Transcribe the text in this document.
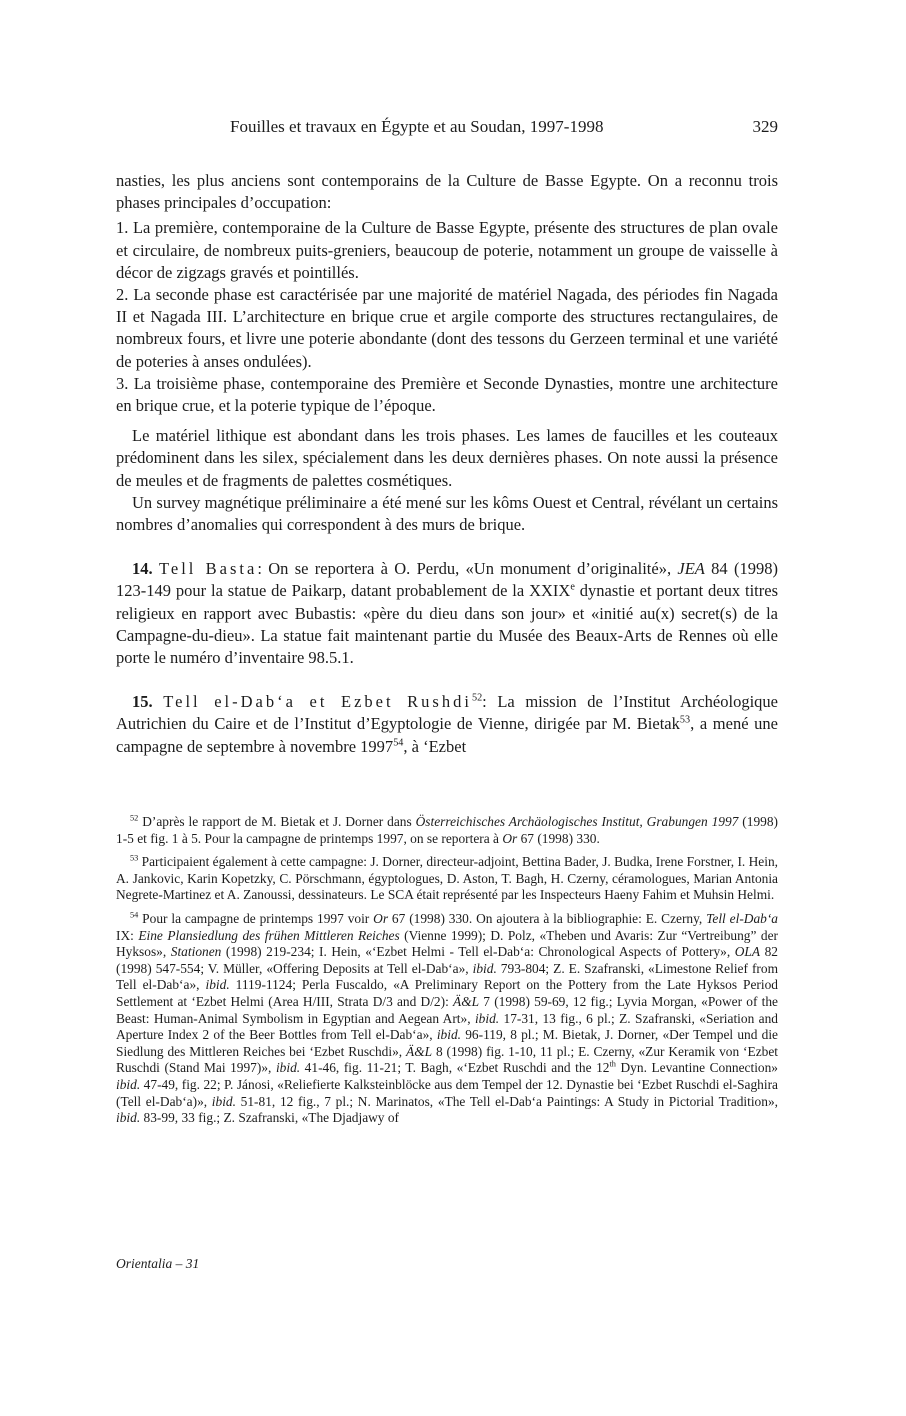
Fouilles et travaux en Égypte et au Soudan, 1997-1998	329

nasties, les plus anciens sont contemporains de la Culture de Basse Egypte. On a reconnu trois phases principales d’occupation:

1. La première, contemporaine de la Culture de Basse Egypte, présente des structures de plan ovale et circulaire, de nombreux puits-greniers, beaucoup de poterie, notamment un groupe de vaisselle à décor de zigzags gravés et pointillés.

2. La seconde phase est caractérisée par une majorité de matériel Nagada, des périodes fin Nagada II et Nagada III. L’architecture en brique crue et argile comporte des structures rectangulaires, de nombreux fours, et livre une poterie abondante (dont des tessons du Gerzeen terminal et une variété de poteries à anses ondulées).

3. La troisième phase, contemporaine des Première et Seconde Dynasties, montre une architecture en brique crue, et la poterie typique de l’époque.

Le matériel lithique est abondant dans les trois phases. Les lames de faucilles et les couteaux prédominent dans les silex, spécialement dans les deux dernières phases. On note aussi la présence de meules et de fragments de palettes cosmétiques.

Un survey magnétique préliminaire a été mené sur les kôms Ouest et Central, révélant un certains nombres d’anomalies qui correspondent à des murs de brique.

14. Tell Basta: On se reportera à O. Perdu, «Un monument d’originalité», JEA 84 (1998) 123-149 pour la statue de Paikarp, datant probablement de la XXIXe dynastie et portant deux titres religieux en rapport avec Bubastis: «père du dieu dans son jour» et «initié au(x) secret(s) de la Campagne-du-dieu». La statue fait maintenant partie du Musée des Beaux-Arts de Rennes où elle porte le numéro d’inventaire 98.5.1.

15. Tell el-Dab‘a et Ezbet Rushdi$^{52}$: La mission de l’Institut Archéologique Autrichien du Caire et de l’Institut d’Egyptologie de Vienne, dirigée par M. Bietak$^{53}$, a mené une campagne de septembre à novembre 1997$^{54}$, à ‘Ezbet

$^{52}$ D’après le rapport de M. Bietak et J. Dorner dans Österreichisches Archäologisches Institut, Grabungen 1997 (1998) 1-5 et fig. 1 à 5. Pour la campagne de printemps 1997, on se reportera à Or 67 (1998) 330.

$^{53}$ Participaient également à cette campagne: J. Dorner, directeur-adjoint, Bettina Bader, J. Budka, Irene Forstner, I. Hein, A. Jankovic, Karin Kopetzky, C. Pörschmann, égyptologues, D. Aston, T. Bagh, H. Czerny, céramologues, Marian Antonia Negrete-Martinez et A. Zanoussi, dessinateurs. Le SCA était représenté par les Inspecteurs Haeny Fahim et Muhsin Helmi.

$^{54}$ Pour la campagne de printemps 1997 voir Or 67 (1998) 330. On ajoutera à la bibliographie: E. Czerny, Tell el-Dab‘a IX: Eine Plansiedlung des frühen Mittleren Reiches (Vienne 1999); D. Polz, «Theben und Avaris: Zur “Vertreibung” der Hyksos», Stationen (1998) 219-234; I. Hein, «‘Ezbet Helmi - Tell el-Dab‘a: Chronological Aspects of Pottery», OLA 82 (1998) 547-554; V. Müller, «Offering Deposits at Tell el-Dab‘a», ibid. 793-804; Z. E. Szafranski, «Limestone Relief from Tell el-Dab‘a», ibid. 1119-1124; Perla Fuscaldo, «A Preliminary Report on the Pottery from the Late Hyksos Period Settlement at ‘Ezbet Helmi (Area H/III, Strata D/3 and D/2): Ä&L 7 (1998) 59-69, 12 fig.; Lyvia Morgan, «Power of the Beast: Human-Animal Symbolism in Egyptian and Aegean Art», ibid. 17-31, 13 fig., 6 pl.; Z. Szafranski, «Seriation and Aperture Index 2 of the Beer Bottles from Tell el-Dab‘a», ibid. 96-119, 8 pl.; M. Bietak, J. Dorner, «Der Tempel und die Siedlung des Mittleren Reiches bei ‘Ezbet Ruschdi», Ä&L 8 (1998) fig. 1-10, 11 pl.; E. Czerny, «Zur Keramik von ‘Ezbet Ruschdi (Stand Mai 1997)», ibid. 41-46, fig. 11-21; T. Bagh, «‘Ezbet Ruschdi and the 12th Dyn. Levantine Connection» ibid. 47-49, fig. 22; P. Jánosi, «Reliefierte Kalksteinblöcke aus dem Tempel der 12. Dynastie bei ‘Ezbet Ruschdi el-Saghira (Tell el-Dab‘a)», ibid. 51-81, 12 fig., 7 pl.; N. Marinatos, «The Tell el-Dab‘a Paintings: A Study in Pictorial Tradition», ibid. 83-99, 33 fig.; Z. Szafranski, «The Djadjawy of

Orientalia – 31
